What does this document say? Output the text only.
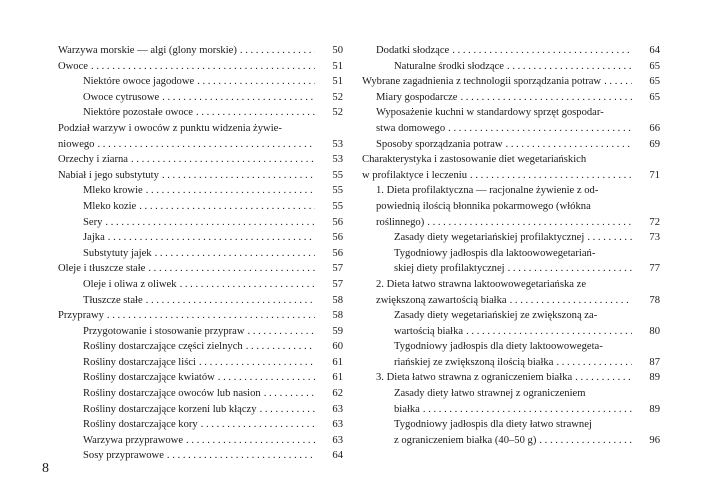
Warzywa morskie — algi (glony morskie) . . .	50
Owoce . . .	51
Niektóre owoce jagodowe . . .	51
Owoce cytrusowe . . .	52
Niektóre pozostałe owoce . . .	52
Podział warzyw i owoców z punktu widzenia żywie-
niowego . . .	53
Orzechy i ziarna . . .	53
Nabiał i jego substytuty . . .	55
Mleko krowie . . .	55
Mleko kozie . . .	55
Sery . . .	56
Jajka . . .	56
Substytuty jajek . . .	56
Oleje i tłuszcze stałe . . .	57
Oleje i oliwa z oliwek . . .	57
Tłuszcze stałe . . .	58
Przyprawy . . .	58
Przygotowanie i stosowanie przypraw . . .	59
Rośliny dostarczające części zielnych . . .	60
Rośliny dostarczające liści . . .	61
Rośliny dostarczające kwiatów . . .	61
Rośliny dostarczające owoców lub nasion . . .	62
Rośliny dostarczające korzeni lub kłączy . . .	63
Rośliny dostarczające kory . . .	63
Warzywa przyprawowe . . .	63
Sosy przyprawowe . . .	64
Dodatki słodzące . . .	64
Naturalne środki słodzące . . .	65
Wybrane zagadnienia z technologii sporządzania potraw . . .	65
Miary gospodarcze . . .	65
Wyposażenie kuchni w standardowy sprzęt gospodar-
stwa domowego . . .	66
Sposoby sporządzania potraw . . .	69
Charakterystyka i zastosowanie diet wegetariańskich
w profilaktyce i leczeniu . . .	71
1. Dieta profilaktyczna — racjonalne żywienie z od-
powiednią ilością błonnika pokarmowego (włókna
roślinnego) . . .	72
Zasady diety wegetariańskiej profilaktycznej . . .	73
Tygodniowy jadłospis dla laktoowowegetariań-
skiej diety profilaktycznej . . .	77
2. Dieta łatwo strawna laktoowowegetariańska ze
zwiększoną zawartością białka . . .	78
Zasady diety wegetariańskiej ze zwiększoną za-
wartością białka . . .	80
Tygodniowy jadłospis dla diety laktoowowegeta-
riańskiej ze zwiększoną ilością białka . . .	87
3. Dieta łatwo strawna z ograniczeniem białka . . .	89
Zasady diety łatwo strawnej z ograniczeniem
białka . . .	89
Tygodniowy jadłospis dla diety łatwo strawnej
z ograniczeniem białka (40–50 g) . . .	96
8
